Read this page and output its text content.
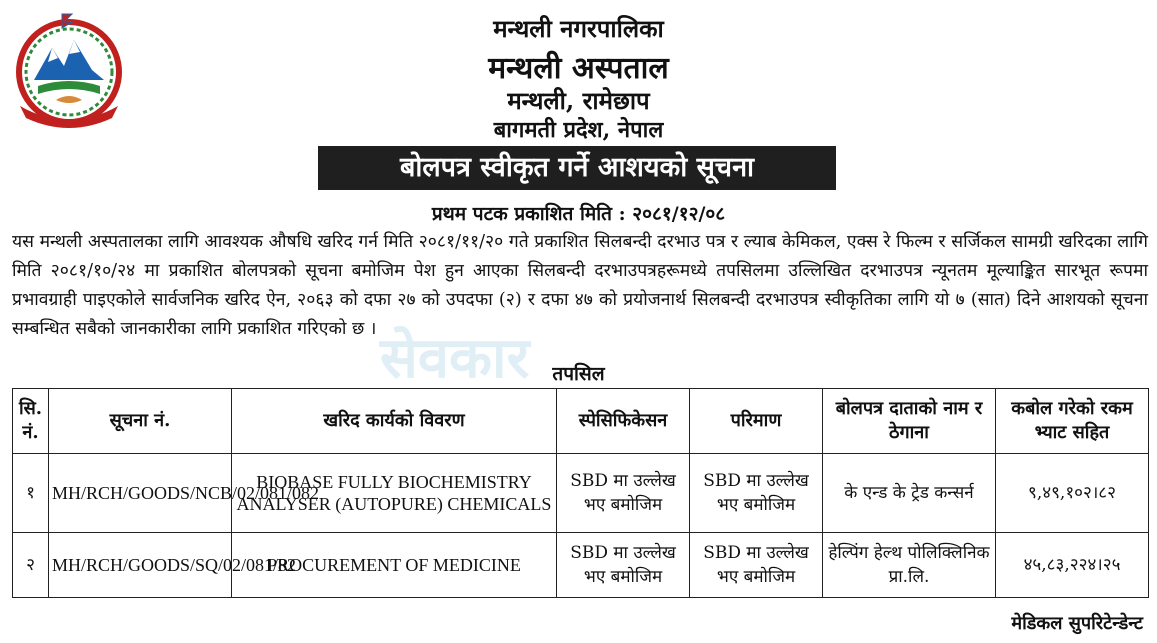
मन्थली नगरपालिका
मन्थली अस्पताल
मन्थली, रामेछाप
बागमती प्रदेश, नेपाल
बोलपत्र स्वीकृत गर्ने आशयको सूचना
प्रथम पटक प्रकाशित मिति : २०८१/१२/०८

यस मन्थली अस्पतालका लागि आवश्यक औषधि खरिद गर्न मिति २०८१/११/२० गते प्रकाशित सिलबन्दी दरभाउ पत्र र ल्याब केमिकल, एक्स रे फिल्म र सर्जिकल सामग्री खरिदका लागि मिति २०८१/१०/२४ मा प्रकाशित बोलपत्रको सूचना बमोजिम पेश हुन आएका सिलबन्दी दरभाउपत्रहरूमध्ये तपसिलमा उल्लिखित दरभाउपत्र न्यूनतम मूल्याङ्कित सारभूत रूपमा प्रभावग्राही पाइएकोले सार्वजनिक खरिद ऐन, २०६३ को दफा २७ को उपदफा (२) र दफा ४७ को प्रयोजनार्थ सिलबन्दी दरभाउपत्र स्वीकृतिका लागि यो ७ (सात) दिने आशयको सूचना सम्बन्धित सबैको जानकारीका लागि प्रकाशित गरिएको छ । सेवकार	तपसिल
सि. नं.	सूचना नं.	खरिद कार्यको विवरण	स्पेसिफिकेसन	परिमाण	बोलपत्र दाताको नाम र ठेगाना	कबोल गरेको रकम भ्याट सहित
१	MH/RCH/GOODS/NCB/02/081/082	BIOBASE FULLY BIOCHEMISTRY ANALYSER (AUTOPURE) CHEMICALS	SBD मा उल्लेख भए बमोजिम	SBD मा उल्लेख भए बमोजिम	के एन्ड के ट्रेड कन्सर्न	९,४९,१०२।८२
२	MH/RCH/GOODS/SQ/02/081/82	PROCUREMENT OF MEDICINE	SBD मा उल्लेख भए बमोजिम	SBD मा उल्लेख भए बमोजिम	हेल्पिंग हेल्थ पोलिक्लिनिक प्रा.लि.	४५,८३,२२४।२५
मेडिकल सुपरिटेन्डेन्ट
